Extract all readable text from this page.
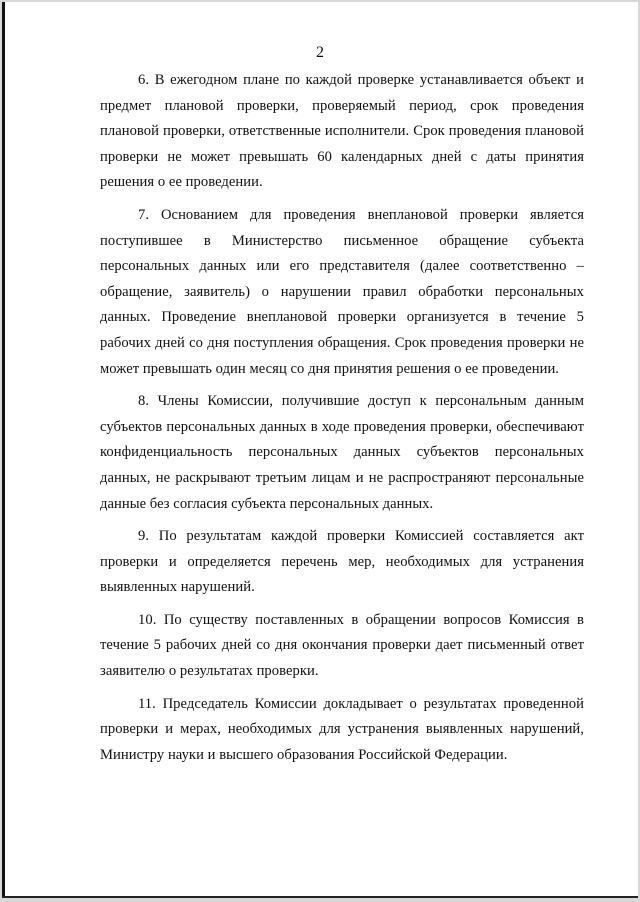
2

6. В ежегодном плане по каждой проверке устанавливается объект и предмет плановой проверки, проверяемый период, срок проведения плановой проверки, ответственные исполнители. Срок проведения плановой проверки не может превышать 60 календарных дней с даты принятия решения о ее проведении.

7. Основанием для проведения внеплановой проверки является поступившее в Министерство письменное обращение субъекта персональных данных или его представителя (далее соответственно – обращение, заявитель) о нарушении правил обработки персональных данных. Проведение внеплановой проверки организуется в течение 5 рабочих дней со дня поступления обращения. Срок проведения проверки не может превышать один месяц со дня принятия решения о ее проведении.

8. Члены Комиссии, получившие доступ к персональным данным субъектов персональных данных в ходе проведения проверки, обеспечивают конфиденциальность персональных данных субъектов персональных данных, не раскрывают третьим лицам и не распространяют персональные данные без согласия субъекта персональных данных.

9. По результатам каждой проверки Комиссией составляется акт проверки и определяется перечень мер, необходимых для устранения выявленных нарушений.

10. По существу поставленных в обращении вопросов Комиссия в течение 5 рабочих дней со дня окончания проверки дает письменный ответ заявителю о результатах проверки.

11. Председатель Комиссии докладывает о результатах проведенной проверки и мерах, необходимых для устранения выявленных нарушений, Министру науки и высшего образования Российской Федерации.
